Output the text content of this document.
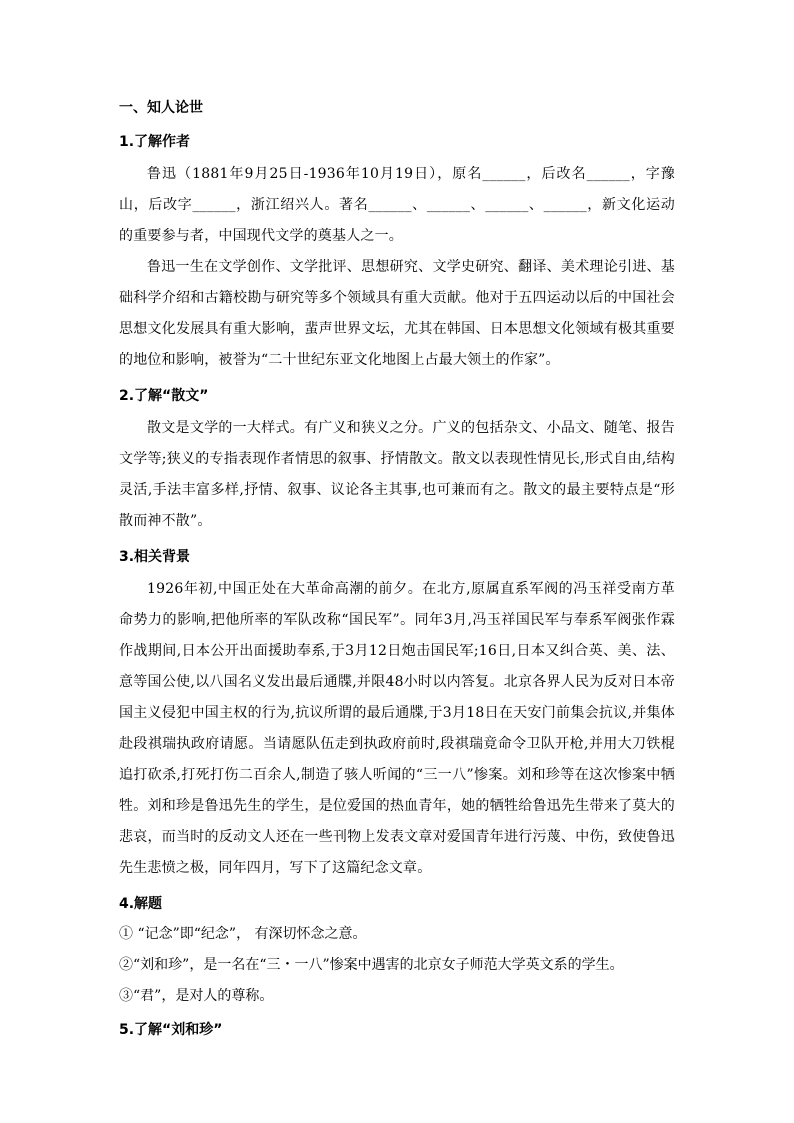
一、知人论世
1.了解作者

鲁迅（1881年9月25日-1936年10月19日），原名______，后改名______，字豫山，后改字______，浙江绍兴人。著名______、______、______、______，新文化运动的重要参与者，中国现代文学的奠基人之一。

鲁迅一生在文学创作、文学批评、思想研究、文学史研究、翻译、美术理论引进、基础科学介绍和古籍校勘与研究等多个领域具有重大贡献。他对于五四运动以后的中国社会思想文化发展具有重大影响，蜚声世界文坛，尤其在韩国、日本思想文化领域有极其重要的地位和影响，被誉为“二十世纪东亚文化地图上占最大领土的作家”。

2.了解“散文”

散文是文学的一大样式。有广义和狭义之分。广义的包括杂文、小品文、随笔、报告文学等;狭义的专指表现作者情思的叙事、抒情散文。散文以表现性情见长,形式自由,结构灵活,手法丰富多样,抒情、叙事、议论各主其事,也可兼而有之。散文的最主要特点是“形散而神不散”。

3.相关背景

1926年初,中国正处在大革命高潮的前夕。在北方,原属直系军阀的冯玉祥受南方革命势力的影响,把他所率的军队改称“国民军”。同年3月,冯玉祥国民军与奉系军阀张作霖作战期间,日本公开出面援助奉系,于3月12日炮击国民军;16日,日本又纠合英、美、法、意等国公使,以八国名义发出最后通牒,并限48小时以内答复。北京各界人民为反对日本帝国主义侵犯中国主权的行为,抗议所谓的最后通牒,于3月18日在天安门前集会抗议,并集体赴段祺瑞执政府请愿。当请愿队伍走到执政府前时,段祺瑞竟命令卫队开枪,并用大刀铁棍追打砍杀,打死打伤二百余人,制造了骇人听闻的“三一八”惨案。刘和珍等在这次惨案中牺牲。刘和珍是鲁迅先生的学生，是位爱国的热血青年，她的牺牲给鲁迅先生带来了莫大的悲哀，而当时的反动文人还在一些刊物上发表文章对爱国青年进行污蔑、中伤，致使鲁迅先生悲愤之极，同年四月，写下了这篇纪念文章。

4.解题

① “记念”即“纪念”， 有深切怀念之意。

②“刘和珍”，是一名在“三・一八”惨案中遇害的北京女子师范大学英文系的学生。

③“君”，是对人的尊称。

5.了解“刘和珍”
